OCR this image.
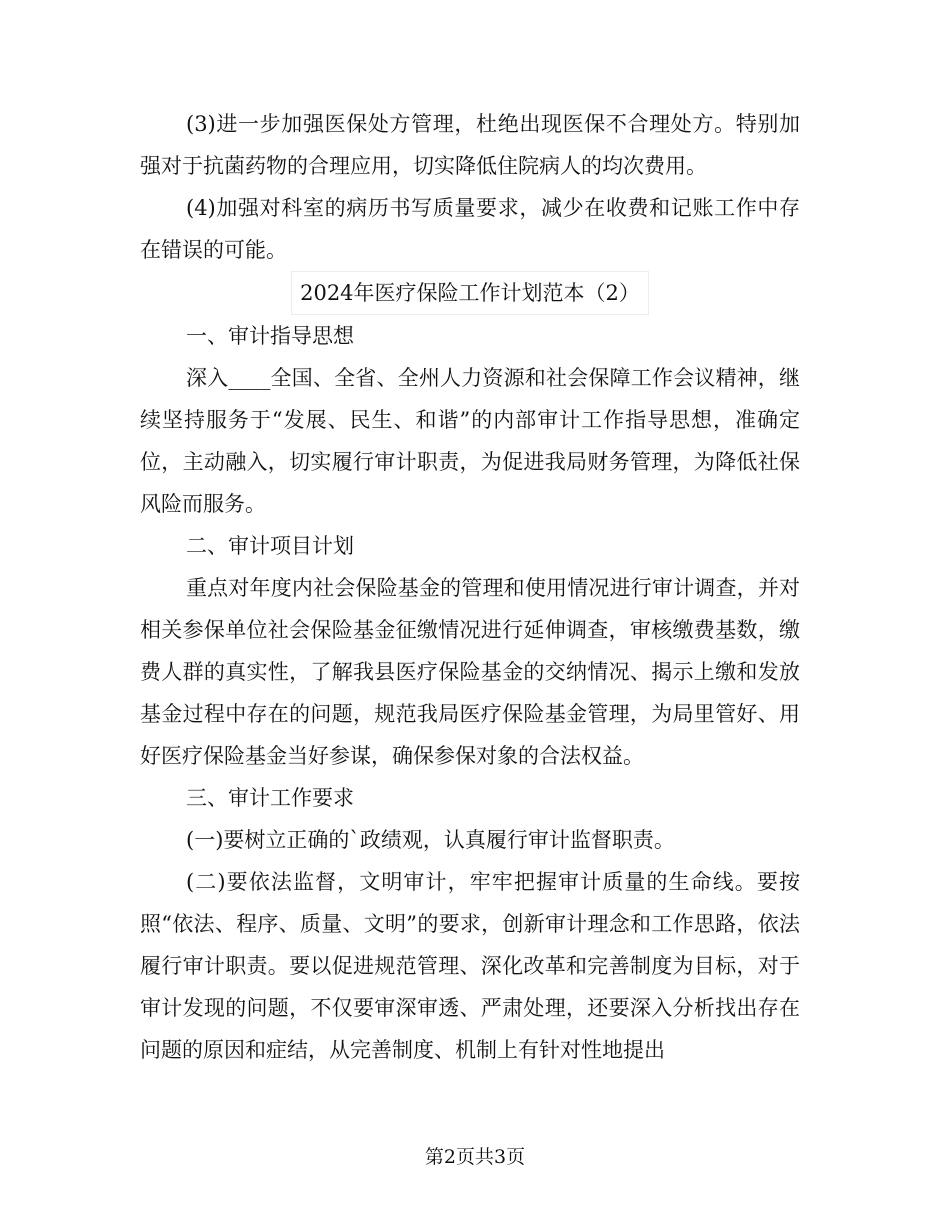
(3)进一步加强医保处方管理，杜绝出现医保不合理处方。特别加强对于抗菌药物的合理应用，切实降低住院病人的均次费用。

(4)加强对科室的病历书写质量要求，减少在收费和记账工作中存在错误的可能。

2024年医疗保险工作计划范本（2）

一、审计指导思想

深入____全国、全省、全州人力资源和社会保障工作会议精神，继续坚持服务于“发展、民生、和谐”的内部审计工作指导思想，准确定位，主动融入，切实履行审计职责，为促进我局财务管理，为降低社保风险而服务。

二、审计项目计划

重点对年度内社会保险基金的管理和使用情况进行审计调查，并对相关参保单位社会保险基金征缴情况进行延伸调查，审核缴费基数，缴费人群的真实性，了解我县医疗保险基金的交纳情况、揭示上缴和发放基金过程中存在的问题，规范我局医疗保险基金管理，为局里管好、用好医疗保险基金当好参谋，确保参保对象的合法权益。

三、审计工作要求

(一)要树立正确的`政绩观，认真履行审计监督职责。

(二)要依法监督，文明审计，牢牢把握审计质量的生命线。要按照“依法、程序、质量、文明”的要求，创新审计理念和工作思路，依法履行审计职责。要以促进规范管理、深化改革和完善制度为目标，对于审计发现的问题，不仅要审深审透、严肃处理，还要深入分析找出存在问题的原因和症结，从完善制度、机制上有针对性地提出

第2页共3页
